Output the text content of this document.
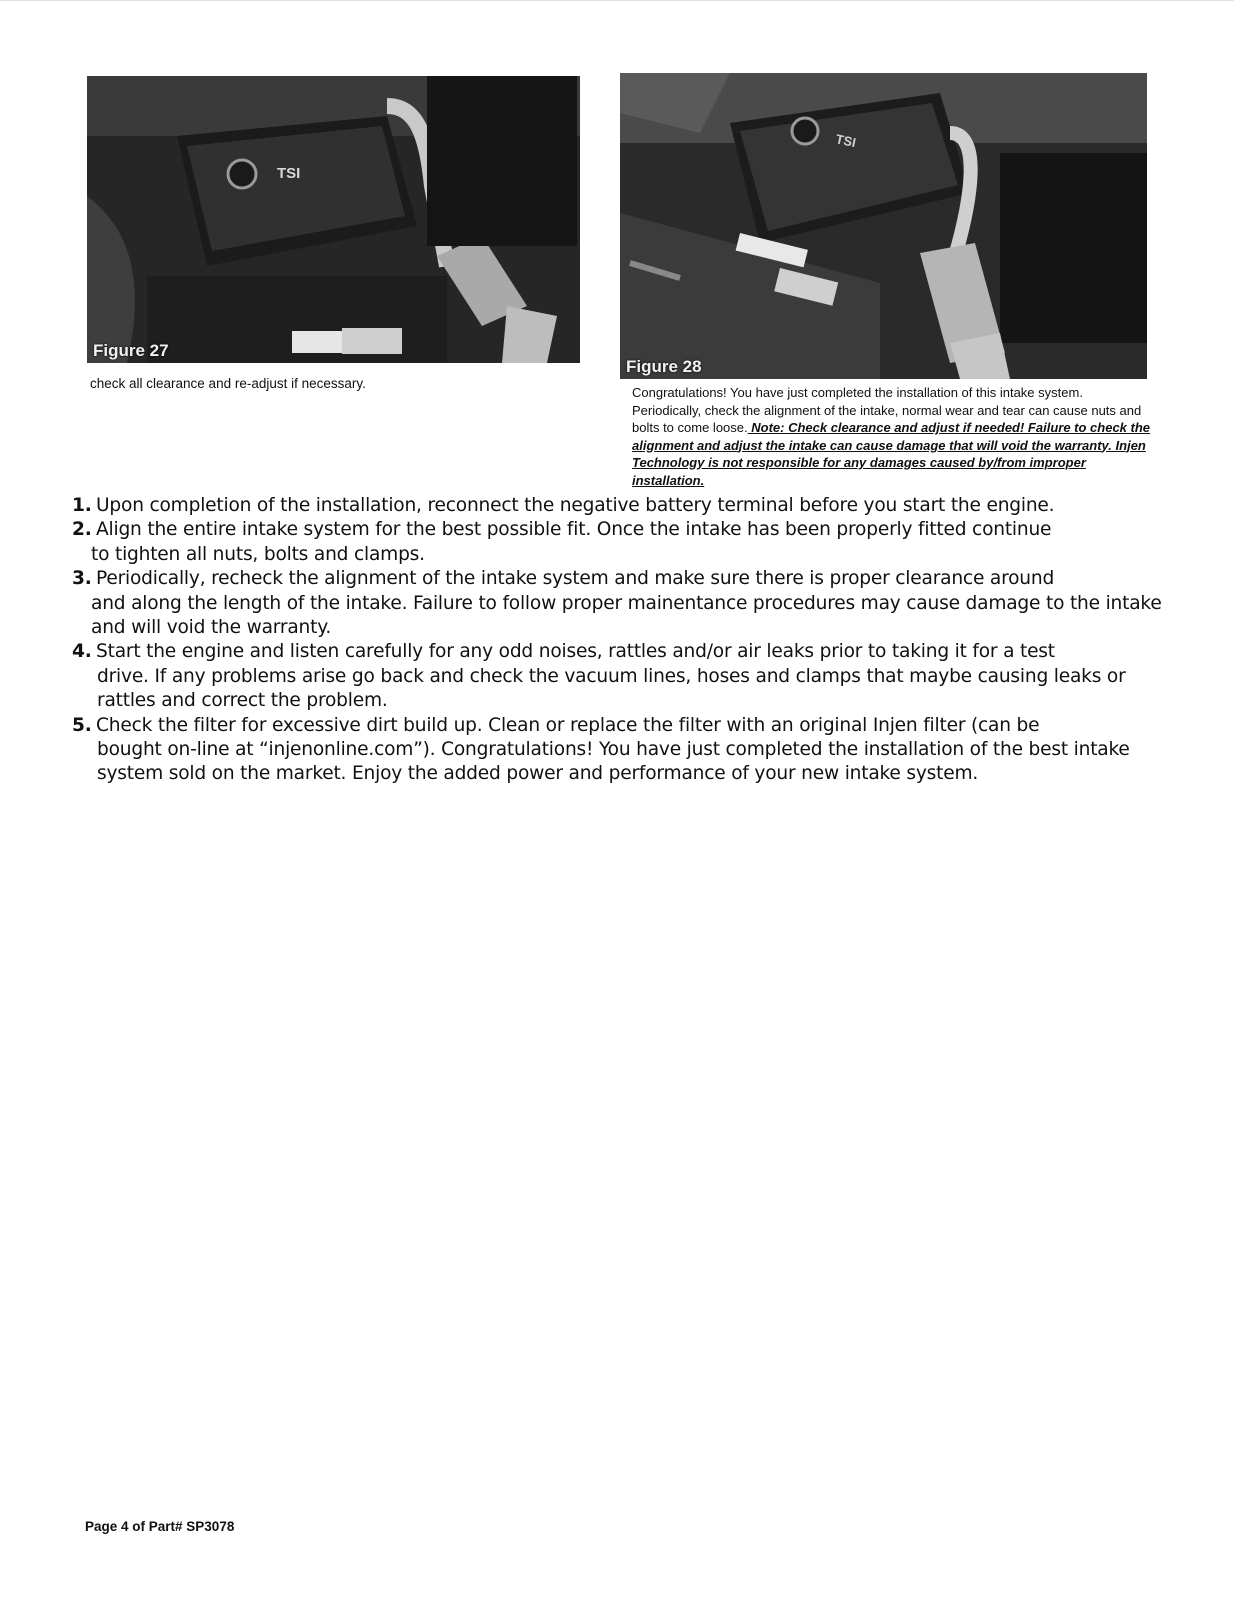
TSI
Figure 27
TSI
Figure 28
check all clearance and re-adjust if necessary.
Congratulations! You have just completed the installation of this intake system. Periodically, check the alignment of the intake, normal wear and tear can cause nuts and bolts to come loose. Note: Check clearance and adjust if needed! Failure to check the alignment and adjust the intake can cause damage that will void the warranty. Injen Technology is not responsible for any damages caused by/from improper installation.
1. Upon completion of the installation, reconnect the negative battery terminal before you start the engine.
2. Align the entire intake system for the best possible fit. Once the intake has been properly fitted continue
to tighten all nuts, bolts and clamps.
3. Periodically, recheck the alignment of the intake system and make sure there is proper clearance around
and along the length of the intake. Failure to follow proper mainentance procedures may cause damage to the intake and will void the warranty.
4. Start the engine and listen carefully for any odd noises, rattles and/or air leaks prior to taking it for a test
drive. If any problems arise go back and check the vacuum lines, hoses and clamps that maybe causing leaks or rattles and correct the problem.
5. Check the filter for excessive dirt build up. Clean or replace the filter with an original Injen filter (can be
bought on-line at “injenonline.com”). Congratulations! You have just completed the installation of the best intake system sold on the market. Enjoy the added power and performance of your new intake system.
Page 4 of Part# SP3078
